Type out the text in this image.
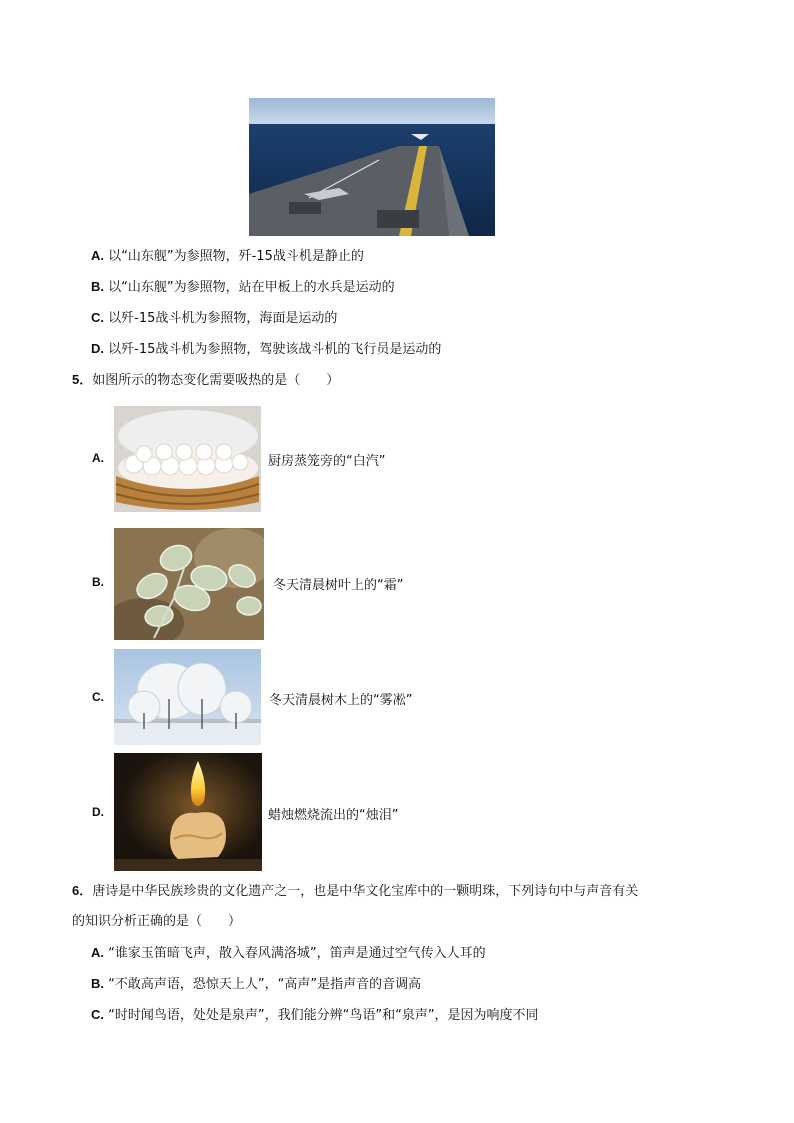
A. 以“山东舰”为参照物，歼-15战斗机是静止的
B. 以“山东舰”为参照物，站在甲板上的水兵是运动的
C. 以歼-15战斗机为参照物，海面是运动的
D. 以歼-15战斗机为参照物，驾驶该战斗机的飞行员是运动的
5．如图所示的物态变化需要吸热的是（　　）
A.	厨房蒸笼旁的“白汽”
B.	冬天清晨树叶上的“霜”
C.	冬天清晨树木上的“雾凇”
D.	蜡烛燃烧流出的“烛泪”
6．唐诗是中华民族珍贵的文化遗产之一，也是中华文化宝库中的一颗明珠，下列诗句中与声音有关
的知识分析正确的是（　　）
A. “谁家玉笛暗飞声，散入春风满洛城”，笛声是通过空气传入人耳的
B. “不敢高声语，恐惊天上人”，“高声”是指声音的音调高
C. “时时闻鸟语，处处是泉声”，我们能分辨“鸟语”和“泉声”，是因为响度不同
